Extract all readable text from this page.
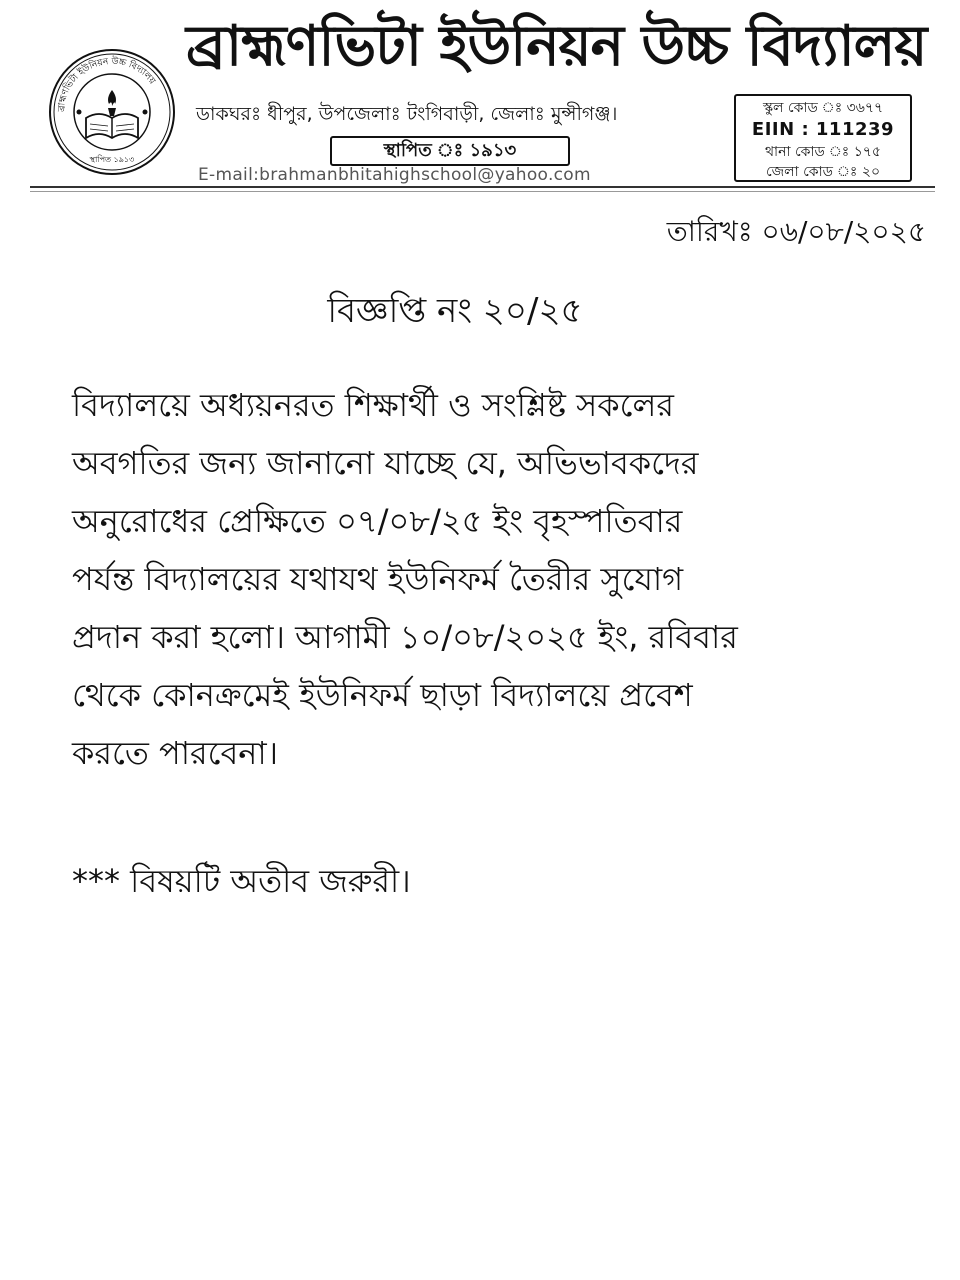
ব্রাহ্মণভিটা ইউনিয়ন উচ্চ বিদ্যালয়
স্থাপিত ১৯১৩
ব্রাহ্মণভিটা ইউনিয়ন উচ্চ বিদ্যালয়
ডাকঘরঃ ধীপুর, উপজেলাঃ টংগিবাড়ী, জেলাঃ মুন্সীগঞ্জ।
স্থাপিত ঃ ১৯১৩
E-mail:brahmanbhitahighschool@yahoo.com
স্কুল কোড ঃ ৩৬৭৭
EIIN : 111239
থানা কোড ঃ ১৭৫
জেলা কোড ঃ ২০
তারিখঃ ০৬/০৮/২০২৫
বিজ্ঞপ্তি নং ২০/২৫
বিদ্যালয়ে অধ্যয়নরত শিক্ষার্থী ও সংশ্লিষ্ট সকলের
অবগতির জন্য জানানো যাচ্ছে যে, অভিভাবকদের
অনুরোধের প্রেক্ষিতে ০৭/০৮/২৫ ইং বৃহস্পতিবার
পর্যন্ত বিদ্যালয়ের যথাযথ ইউনিফর্ম তৈরীর সুযোগ
প্রদান করা হলো। আগামী ১০/০৮/২০২৫ ইং, রবিবার
থেকে কোনক্রমেই ইউনিফর্ম ছাড়া বিদ্যালয়ে প্রবেশ
করতে পারবেনা।
*** বিষয়টি অতীব জরুরী।
